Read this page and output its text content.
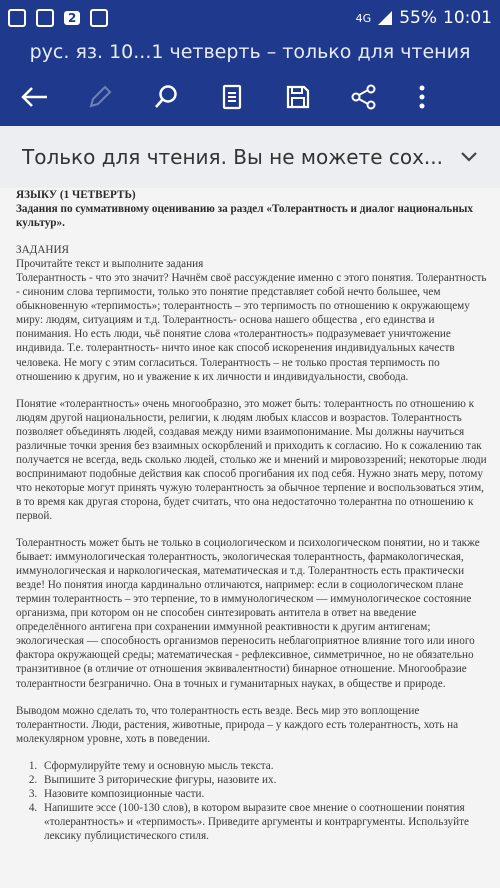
2	4G 55% 10:01
рус. яз. 10...1 четверть – только для чтения
Только для чтения. Вы не можете сох...

ЯЗЫКУ (1 ЧЕТВЕРТЬ)

Задания по суммативному оцениванию за раздел «Толерантность и диалог национальных культур».

ЗАДАНИЯ

Прочитайте текст и выполните задания

Толерантность - что это значит? Начнём своё рассуждение именно с этого понятия. Толерантность - синоним слова терпимости, только это понятие представляет собой нечто большее, чем обыкновенную «терпимость»; толерантность – это терпимость по отношению к окружающему миру: людям, ситуациям и т.д. Толерантность- основа нашего общества , его единства и понимания. Но есть люди, чьё понятие слова «толерантность» подразумевает уничтожение индивида. Т.е. толерантность- ничто иное как способ искоренения индивидуальных качеств человека. Не могу с этим согласиться. Толерантность – не только простая терпимость по отношению к другим, но и уважение к их личности и индивидуальности, свобода.

Понятие «толерантность» очень многообразно, это может быть: толерантность по отношению к людям другой национальности, религии, к людям любых классов и возрастов. Толерантность позволяет объединять людей, создавая между ними взаимопонимание. Мы должны научиться различные точки зрения без взаимных оскорблений и приходить к согласию. Но к сожалению так получается не всегда, ведь сколько людей, столько же и мнений и мировоззрений; некоторые люди воспринимают подобные действия как способ прогибания их под себя. Нужно знать меру, потому что некоторые могут принять чужую толерантность за обычное терпение и воспользоваться этим, в то время как другая сторона, будет считать, что она недостаточно толерантна по отношению к первой.

Толерантность может быть не только в социологическом и психологическом понятии, но и также бывает: иммунологическая толерантность, экологическая толерантность, фармакологическая, иммунологическая и наркологическая, математическая и т.д. Толерантность есть практически везде! Но понятия иногда кардинально отличаются, например: если в социологическом плане термин толерантность – это терпение, то в иммунологическом — иммунологическое состояние организма, при котором он не способен синтезировать антитела в ответ на введение определённого антигена при сохранении иммунной реактивности к другим антигенам; экологическая — способность организмов переносить неблагоприятное влияние того или иного фактора окружающей среды; математическая - рефлексивное, симметричное, но не обязательно транзитивное (в отличие от отношения эквивалентности) бинарное отношение. Многообразие толерантности безгранично. Она в точных и гуманитарных науках, в обществе и природе.

Выводом можно сделать то, что толерантность есть везде. Весь мир это воплощение толерантности. Люди, растения, животные, природа – у каждого есть толерантность, хоть на молекулярном уровне, хоть в поведении.

1. Сформулируйте тему и основную мысль текста.
2. Выпишите 3 риторические фигуры, назовите их.
3. Назовите композиционные части.
4. Напишите эссе (100-130 слов), в котором выразите свое мнение о соотношении понятия «толерантность» и «терпимость». Приведите аргументы и контраргументы. Используйте лексику публицистического стиля.
